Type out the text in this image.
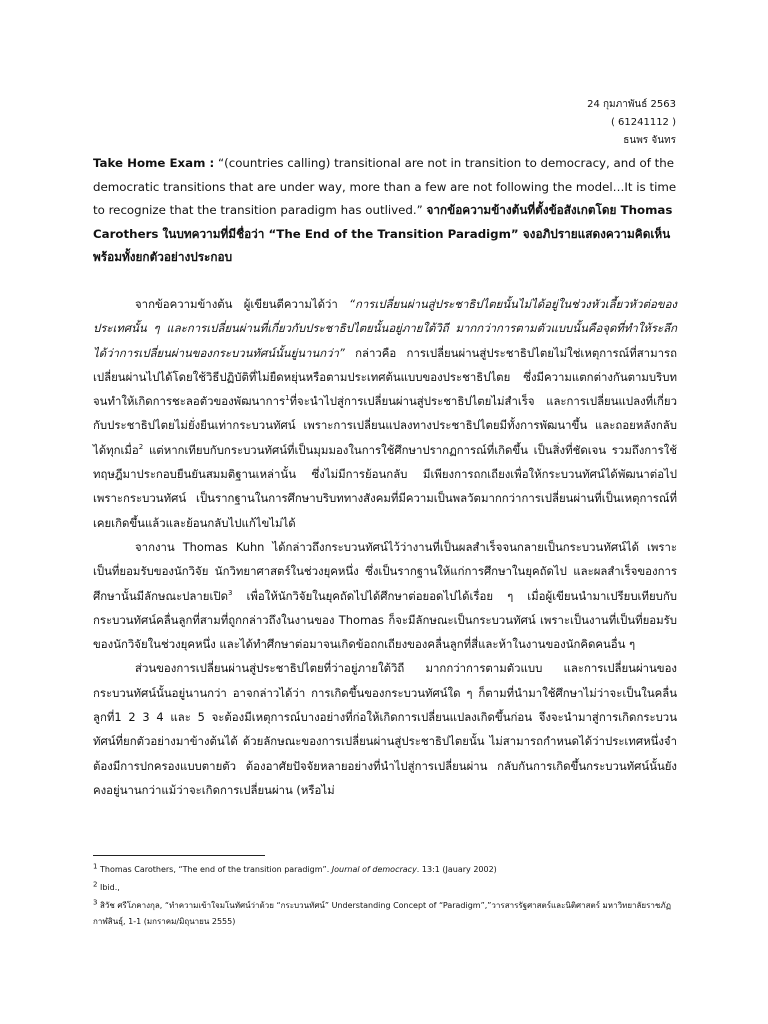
24 กุมภาพันธ์ 2563
( 61241112 )
ธนพร จันทร
Take Home Exam : “(countries calling) transitional are not in transition to democracy, and of the democratic transitions that are under way, more than a few are not following the model…It is time to recognize that the transition paradigm has outlived.” จากข้อความข้างต้นที่ตั้งข้อสังเกตโดย Thomas Carothers ในบทความที่มีชื่อว่า “The End of the Transition Paradigm” จงอภิปรายแสดงความคิดเห็นพร้อมทั้งยกตัวอย่างประกอบ

จากข้อความข้างต้น ผู้เขียนตีความได้ว่า “การเปลี่ยนผ่านสู่ประชาธิปไตยนั้นไม่ได้อยู่ในช่วงหัวเลี้ยวหัวต่อของประเทศนั้น ๆ และการเปลี่ยนผ่านที่เกี่ยวกับประชาธิปไตยนั้นอยู่ภายใต้วิถี มากกว่าการตามตัวแบบนั้นคือจุดที่ทำให้ระลึกได้ว่าการเปลี่ยนผ่านของกระบวนทัศน์นั้นยู่นานกว่า” กล่าวคือ การเปลี่ยนผ่านสู่ประชาธิปไตยไม่ใช่เหตุการณ์ที่สามารถเปลี่ยนผ่านไปได้โดยใช้วิธีปฏิบัติที่ไม่ยืดหยุ่นหรือตามประเทศต้นแบบของประชาธิปไตย ซึ่งมีความแตกต่างกันตามบริบท จนทำให้เกิดการชะลอตัวของพัฒนาการ$^1$ที่จะนำไปสู่การเปลี่ยนผ่านสู่ประชาธิปไตยไม่สำเร็จ และการเปลี่ยนแปลงที่เกี่ยวกับประชาธิปไตยไม่ยั่งยืนเท่ากระบวนทัศน์ เพราะการเปลี่ยนแปลงทางประชาธิปไตยมีทั้งการพัฒนาขึ้น และถอยหลังกลับได้ทุกเมื่อ$^2$ แต่หากเทียบกับกระบวนทัศน์ที่เป็นมุมมองในการใช้ศึกษาปรากฏการณ์ที่เกิดขึ้น เป็นสิ่งที่ชัดเจน รวมถึงการใช้ทฤษฎีมาประกอบยืนยันสมมติฐานเหล่านั้น ซึ่งไม่มีการย้อนกลับ มีเพียงการถกเถียงเพื่อให้กระบวนทัศน์ได้พัฒนาต่อไป เพราะกระบวนทัศน์ เป็นรากฐานในการศึกษาบริบททางสังคมที่มีความเป็นพลวัตมากกว่าการเปลี่ยนผ่านที่เป็นเหตุการณ์ที่เคยเกิดขึ้นแล้วและย้อนกลับไปแก้ไขไม่ได้

จากงาน Thomas Kuhn ได้กล่าวถึงกระบวนทัศน์ไว้ว่างานที่เป็นผลสำเร็จจนกลายเป็นกระบวนทัศน์ได้ เพราะเป็นที่ยอมรับของนักวิจัย นักวิทยาศาสตร์ในช่วงยุคหนึ่ง ซึ่งเป็นรากฐานให้แก่การศึกษาในยุคถัดไป และผลสำเร็จของการศึกษานั้นมีลักษณะปลายเปิด$^3$ เพื่อให้นักวิจัยในยุคถัดไปได้ศึกษาต่อยอดไปได้เรื่อย ๆ เมื่อผู้เขียนนำมาเปรียบเทียบกับกระบวนทัศน์คลื่นลูกที่สามที่ถูกกล่าวถึงในงานของ Thomas ก็จะมีลักษณะเป็นกระบวนทัศน์ เพราะเป็นงานที่เป็นที่ยอมรับของนักวิจัยในช่วงยุคหนึ่ง และได้ทำศึกษาต่อมาจนเกิดข้อถกเถียงของคลื่นลูกที่สี่และห้าในงานของนักคิดคนอื่น ๆ

ส่วนของการเปลี่ยนผ่านสู่ประชาธิปไตยที่ว่าอยู่ภายใต้วิถี มากกว่าการตามตัวแบบ และการเปลี่ยนผ่านของกระบวนทัศน์นั้นอยู่นานกว่า อาจกล่าวได้ว่า การเกิดขึ้นของกระบวนทัศน์ใด ๆ ก็ตามที่นำมาใช้ศึกษาไม่ว่าจะเป็นในคลื่นลูกที่1 2 3 4 และ 5 จะต้องมีเหตุการณ์บางอย่างที่ก่อให้เกิดการเปลี่ยนแปลงเกิดขึ้นก่อน จึงจะนำมาสู่การเกิดกระบวนทัศน์ที่ยกตัวอย่างมาข้างต้นได้ ด้วยลักษณะของการเปลี่ยนผ่านสู่ประชาธิปไตยนั้น ไม่สามารถกำหนดได้ว่าประเทศหนึ่งจำต้องมีการปกครองแบบตายตัว ต้องอาศัยปัจจัยหลายอย่างที่นำไปสู่การเปลี่ยนผ่าน กลับกันการเกิดขึ้นกระบวนทัศน์นั้นยังคงอยู่นานกว่าแม้ว่าจะเกิดการเปลี่ยนผ่าน (หรือไม่

$^1$ Thomas Carothers, “The end of the transition paradigm”. Journal of democracy. 13:1 (Jauary 2002)
$^2$ Ibid.,
$^3$ สิวัช ศรีโภคางกุล, “ทำความเข้าใจมโนทัศน์ว่าด้วย “กระบวนทัศน์” Understanding Concept of “Paradigm”,”วารสารรัฐศาสตร์และนิติศาสตร์ มหาวิทยาลัยราชภัฏกาฬสินธุ์, 1-1 (มกราคม/มิถุนายน 2555)
